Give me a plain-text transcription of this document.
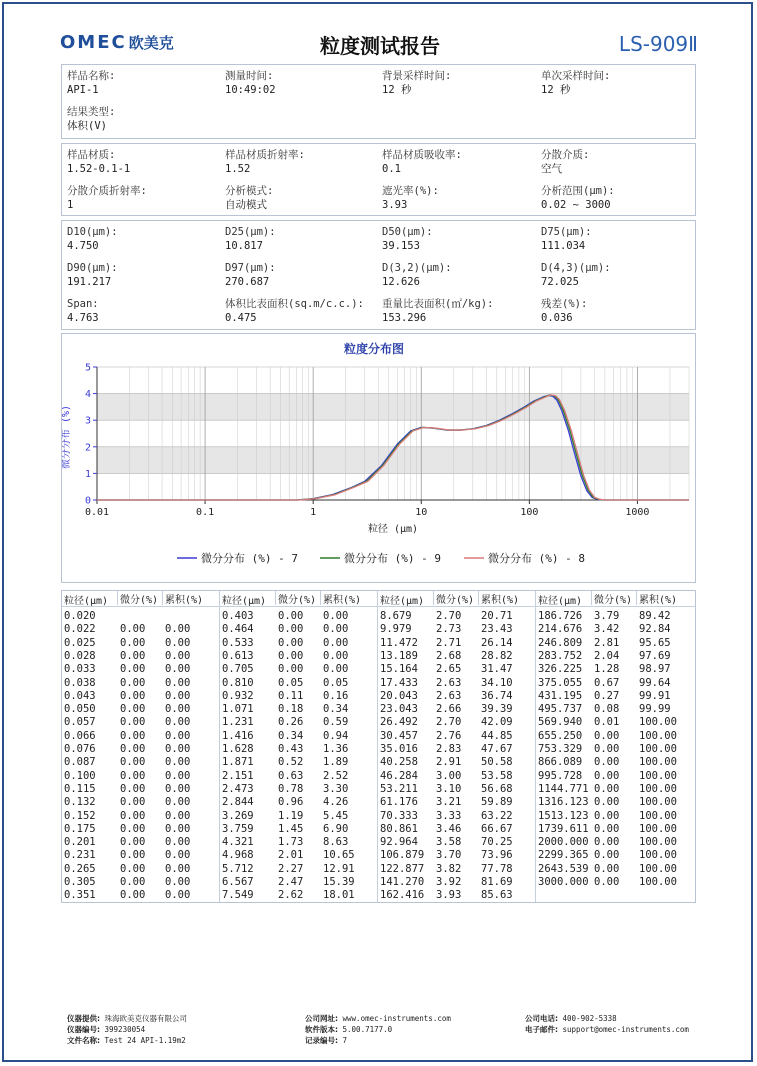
OMEC 欧美克	粒度测试报告	LS-909Ⅱ
样品名称:
API-1
测量时间:
10:49:02
背景采样时间:
12 秒
单次采样时间:
12 秒
结果类型:
体积(V)
样品材质:
1.52-0.1-1
样品材质折射率:
1.52
样品材质吸收率:
0.1
分散介质:
空气
分散介质折射率:
1
分析模式:
自动模式
遮光率(%):
3.93
分析范围(μm):
0.02 ~ 3000
D10(μm):
4.750
D25(μm):
10.817
D50(μm):
39.153
D75(μm):
111.034
D90(μm):
191.217
D97(μm):
270.687
D(3,2)(μm):
12.626
D(4,3)(μm):
72.025
Span:
4.763
体积比表面积(sq.m/c.c.):
0.475
重量比表面积(㎡/kg):
153.296
残差(%):
0.036
粒度分布图
0
1
2
3
4
5
0.01	0.1	1	10	100	1000
微分分布 (%)
粒径 (μm)
微分分布 (%) - 7	微分分布 (%) - 9	微分分布 (%) - 8
粒径(μm)	微分(%) 累积(%)
0.020
0.022 0.00 0.00
0.025 0.00 0.00
0.028 0.00 0.00
0.033 0.00 0.00
0.038 0.00 0.00
0.043 0.00 0.00
0.050 0.00 0.00
0.057 0.00 0.00
0.066 0.00 0.00
0.076 0.00 0.00
0.087 0.00 0.00
0.100 0.00 0.00
0.115 0.00 0.00
0.132 0.00 0.00
0.152 0.00 0.00
0.175 0.00 0.00
0.201 0.00 0.00
0.231 0.00 0.00
0.265 0.00 0.00
0.305 0.00 0.00
0.351 0.00 0.00
粒径(μm)	微分(%) 累积(%)
0.403 0.00 0.00
0.464 0.00 0.00
0.533 0.00 0.00
0.613 0.00 0.00
0.705 0.00 0.00
0.810 0.05 0.05
0.932 0.11 0.16
1.071 0.18 0.34
1.231 0.26 0.59
1.416 0.34 0.94
1.628 0.43 1.36
1.871 0.52 1.89
2.151 0.63 2.52
2.473 0.78 3.30
2.844 0.96 4.26
3.269 1.19 5.45
3.759 1.45 6.90
4.321 1.73 8.63
4.968 2.01 10.65
5.712 2.27 12.91
6.567 2.47 15.39
7.549 2.62 18.01
粒径(μm)	微分(%) 累积(%)
8.679 2.70 20.71
9.979 2.73 23.43
11.472 2.71 26.14
13.189 2.68 28.82
15.164 2.65 31.47
17.433 2.63 34.10
20.043 2.63 36.74
23.043 2.66 39.39
26.492 2.70 42.09
30.457 2.76 44.85
35.016 2.83 47.67
40.258 2.91 50.58
46.284 3.00 53.58
53.211 3.10 56.68
61.176 3.21 59.89
70.333 3.33 63.22
80.861 3.46 66.67
92.964 3.58 70.25
106.879 3.70 73.96
122.877 3.82 77.78
141.270 3.92 81.69
162.416 3.93 85.63
粒径(μm)	微分(%) 累积(%)
186.726 3.79 89.42
214.676 3.42 92.84
246.809 2.81 95.65
283.752 2.04 97.69
326.225 1.28 98.97
375.055 0.67 99.64
431.195 0.27 99.91
495.737 0.08 99.99
569.940 0.01 100.00
655.250 0.00 100.00
753.329 0.00 100.00
866.089 0.00 100.00
995.728 0.00 100.00
1144.771 0.00 100.00
1316.123 0.00 100.00
1513.123 0.00 100.00
1739.611 0.00 100.00
2000.000 0.00 100.00
2299.365 0.00 100.00
2643.539 0.00 100.00
3000.000 0.00 100.00
仪器提供: 珠海欧美克仪器有限公司
仪器编号: 399230054
文件名称: Test 24 API-1.19m2
公司网址: www.omec-instruments.com
软件版本: 5.00.7177.0
记录编号: 7
公司电话: 400-902-5338
电子邮件: support@omec-instruments.com
